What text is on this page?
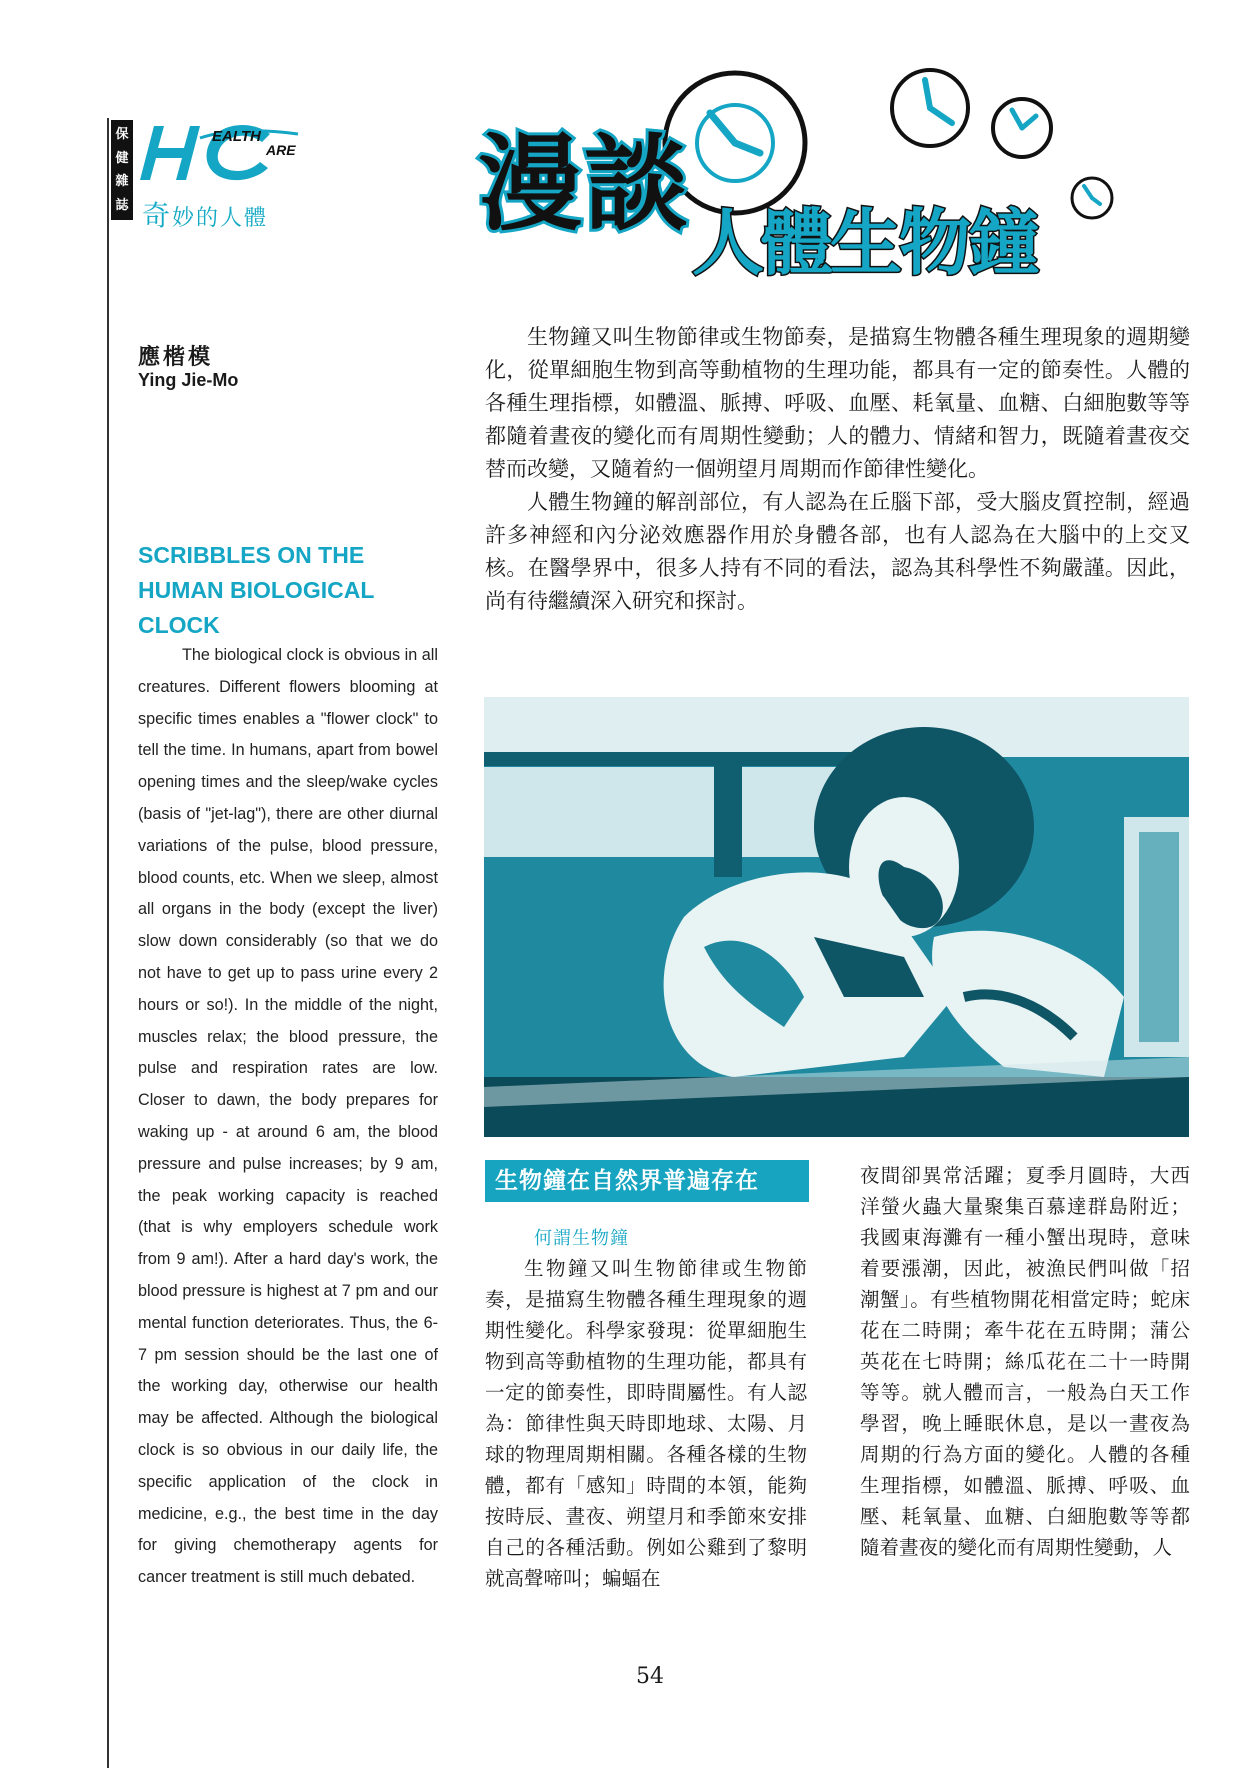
保
健
雜
誌
EALTH
ARE
奇妙的人體
應楷模
Ying Jie-Mo
SCRIBBLES ON THE HUMAN BIOLOGICAL CLOCK

The biological clock is obvious in all creatures. Different flowers blooming at specific times enables a "flower clock" to tell the time. In humans, apart from bowel opening times and the sleep/wake cycles (basis of "jet-lag"), there are other diurnal variations of the pulse, blood pressure, blood counts, etc. When we sleep, almost all organs in the body (except the liver) slow down considerably (so that we do not have to get up to pass urine every 2 hours or so!). In the middle of the night, muscles relax; the blood pressure, the pulse and respiration rates are low. Closer to dawn, the body prepares for waking up - at around 6 am, the blood pressure and pulse increases; by 9 am, the peak working capacity is reached (that is why employers schedule work from 9 am!). After a hard day's work, the blood pressure is highest at 7 pm and our mental function deteriorates. Thus, the 6-7 pm session should be the last one of the working day, otherwise our health may be affected. Although the biological clock is so obvious in our daily life, the specific application of the clock in medicine, e.g., the best time in the day for giving chemotherapy agents for cancer treatment is still much debated.

漫談 人體生物鐘

生物鐘又叫生物節律或生物節奏，是描寫生物體各種生理現象的週期變化，從單細胞生物到高等動植物的生理功能，都具有一定的節奏性。人體的各種生理指標，如體溫、脈搏、呼吸、血壓、耗氧量、血糖、白細胞數等等都隨着晝夜的變化而有周期性變動；人的體力、情緒和智力，既隨着晝夜交替而改變，又隨着約一個朔望月周期而作節律性變化。

人體生物鐘的解剖部位，有人認為在丘腦下部，受大腦皮質控制，經過許多神經和內分泌效應器作用於身體各部，也有人認為在大腦中的上交叉核。在醫學界中，很多人持有不同的看法，認為其科學性不夠嚴謹。因此，尚有待繼續深入研究和探討。

生物鐘在自然界普遍存在
何謂生物鐘

生物鐘又叫生物節律或生物節奏，是描寫生物體各種生理現象的週期性變化。科學家發現：從單細胞生物到高等動植物的生理功能，都具有一定的節奏性，即時間屬性。有人認為：節律性與天時即地球、太陽、月球的物理周期相關。各種各樣的生物體，都有「感知」時間的本領，能夠按時辰、晝夜、朔望月和季節來安排自己的各種活動。例如公雞到了黎明就高聲啼叫；蝙蝠在

夜間卻異常活躍；夏季月圓時，大西洋螢火蟲大量聚集百慕達群島附近；我國東海灘有一種小蟹出現時，意味着要漲潮，因此，被漁民們叫做「招潮蟹」。有些植物開花相當定時；蛇床花在二時開；牽牛花在五時開；蒲公英花在七時開；絲瓜花在二十一時開等等。就人體而言，一般為白天工作學習，晚上睡眠休息，是以一晝夜為周期的行為方面的變化。人體的各種生理指標，如體溫、脈搏、呼吸、血壓、耗氧量、血糖、白細胞數等等都隨着晝夜的變化而有周期性變動，人

54
